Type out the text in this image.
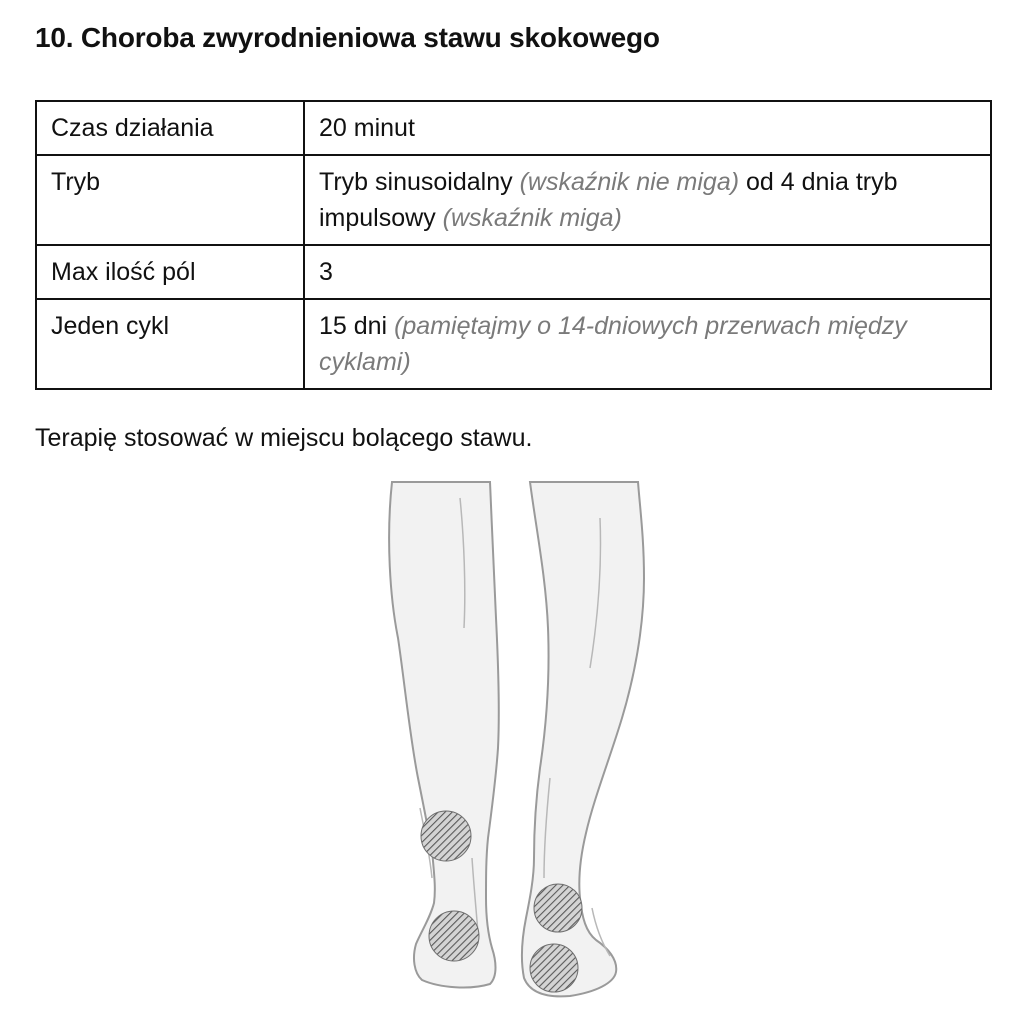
10. Choroba zwyrodnieniowa stawu skokowego
Czas działania	20 minut
Tryb	Tryb sinusoidalny (wskaźnik nie miga) od 4 dnia tryb impulsowy (wskaźnik miga)
Max ilość pól	3
Jeden cykl	15 dni (pamiętajmy o 14-dniowych przerwach między cyklami)

Terapię stosować w miejscu bolącego stawu.
